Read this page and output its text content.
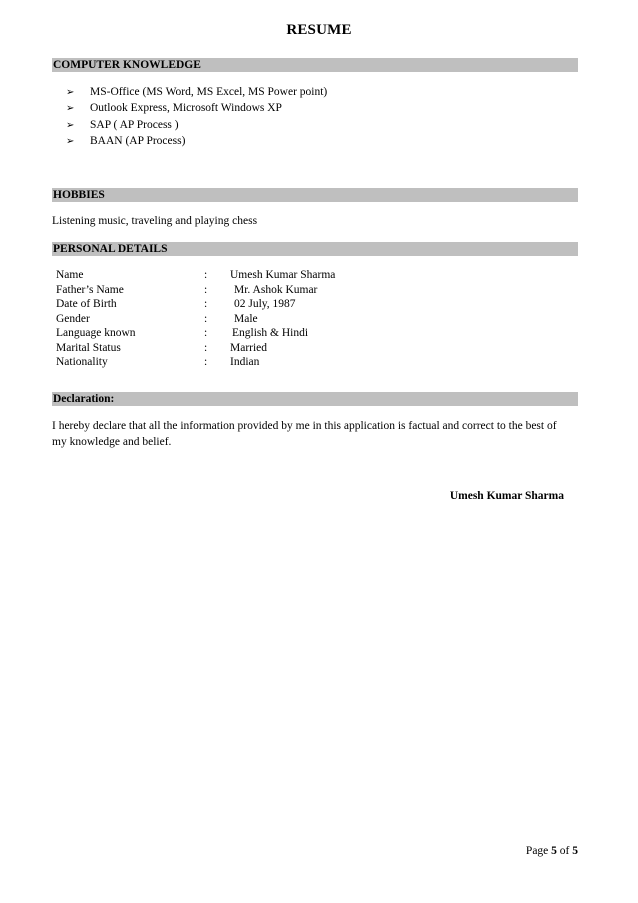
RESUME
COMPUTER KNOWLEDGE
➢ MS-Office (MS Word, MS Excel, MS Power point)
➢ Outlook Express, Microsoft Windows XP
➢ SAP ( AP Process )
➢ BAAN (AP Process)
HOBBIES
Listening music, traveling and playing chess
PERSONAL DETAILS
Name	: Umesh Kumar Sharma
Father’s Name	: Mr. Ashok Kumar
Date of Birth	: 02 July, 1987
Gender	: Male
Language known	: English & Hindi
Marital Status	: Married
Nationality	: Indian
Declaration:
I hereby declare that all the information provided by me in this application is factual and correct to the best of
my knowledge and belief.
Umesh Kumar Sharma
Page 5 of 5
